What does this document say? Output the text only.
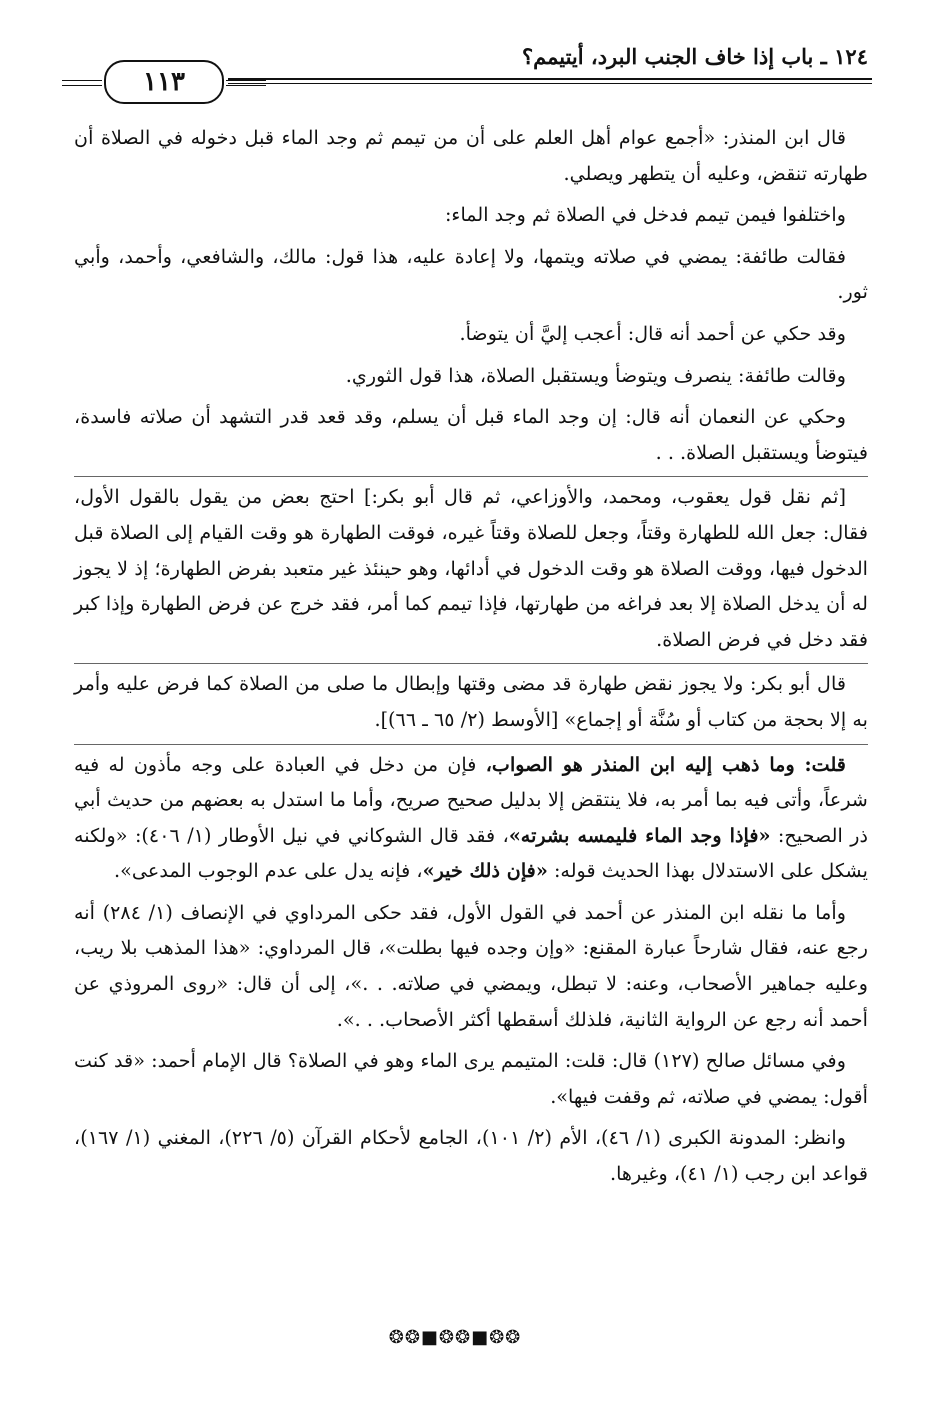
١٢٤ ـ باب إذا خاف الجنب البرد، أيتيمم؟
١١٣

قال ابن المنذر: «أجمع عوام أهل العلم على أن من تيمم ثم وجد الماء قبل دخوله في الصلاة أن طهارته تنقض، وعليه أن يتطهر ويصلي.

واختلفوا فيمن تيمم فدخل في الصلاة ثم وجد الماء:

فقالت طائفة: يمضي في صلاته ويتمها، ولا إعادة عليه، هذا قول: مالك، والشافعي، وأحمد، وأبي ثور.

وقد حكي عن أحمد أنه قال: أعجب إليَّ أن يتوضأ.

وقالت طائفة: ينصرف ويتوضأ ويستقبل الصلاة، هذا قول الثوري.

وحكي عن النعمان أنه قال: إن وجد الماء قبل أن يسلم، وقد قعد قدر التشهد أن صلاته فاسدة، فيتوضأ ويستقبل الصلاة. . .

[ثم نقل قول يعقوب، ومحمد، والأوزاعي، ثم قال أبو بكر:] احتج بعض من يقول بالقول الأول، فقال: جعل الله للطهارة وقتاً، وجعل للصلاة وقتاً غيره، فوقت الطهارة هو وقت القيام إلى الصلاة قبل الدخول فيها، ووقت الصلاة هو وقت الدخول في أدائها، وهو حينئذ غير متعبد بفرض الطهارة؛ إذ لا يجوز له أن يدخل الصلاة إلا بعد فراغه من طهارتها، فإذا تيمم كما أمر، فقد خرج عن فرض الطهارة وإذا كبر فقد دخل في فرض الصلاة.

قال أبو بكر: ولا يجوز نقض طهارة قد مضى وقتها وإبطال ما صلى من الصلاة كما فرض عليه وأمر به إلا بحجة من كتاب أو سُنَّة أو إجماع» [الأوسط (٢/ ٦٥ ـ ٦٦)].

قلت: وما ذهب إليه ابن المنذر هو الصواب، فإن من دخل في العبادة على وجه مأذون له فيه شرعاً، وأتى فيه بما أمر به، فلا ينتقض إلا بدليل صحيح صريح، وأما ما استدل به بعضهم من حديث أبي ذر الصحيح: «فإذا وجد الماء فليمسه بشرته»، فقد قال الشوكاني في نيل الأوطار (١/ ٤٠٦): «ولكنه يشكل على الاستدلال بهذا الحديث قوله: «فإن ذلك خير»، فإنه يدل على عدم الوجوب المدعى».

وأما ما نقله ابن المنذر عن أحمد في القول الأول، فقد حكى المرداوي في الإنصاف (١/ ٢٨٤) أنه رجع عنه، فقال شارحاً عبارة المقنع: «وإن وجده فيها بطلت»، قال المرداوي: «هذا المذهب بلا ريب، وعليه جماهير الأصحاب، وعنه: لا تبطل، ويمضي في صلاته. . .»، إلى أن قال: «روى المروذي عن أحمد أنه رجع عن الرواية الثانية، فلذلك أسقطها أكثر الأصحاب. . .».

وفي مسائل صالح (١٢٧) قال: قلت: المتيمم يرى الماء وهو في الصلاة؟ قال الإمام أحمد: «قد كنت أقول: يمضي في صلاته، ثم وقفت فيها».

وانظر: المدونة الكبرى (١/ ٤٦)، الأم (٢/ ١٠١)، الجامع لأحكام القرآن (٥/ ٢٢٦)، المغني (١/ ١٦٧)، قواعد ابن رجب (١/ ٤١)، وغيرها.

❂❂■❂❂■❂❂
